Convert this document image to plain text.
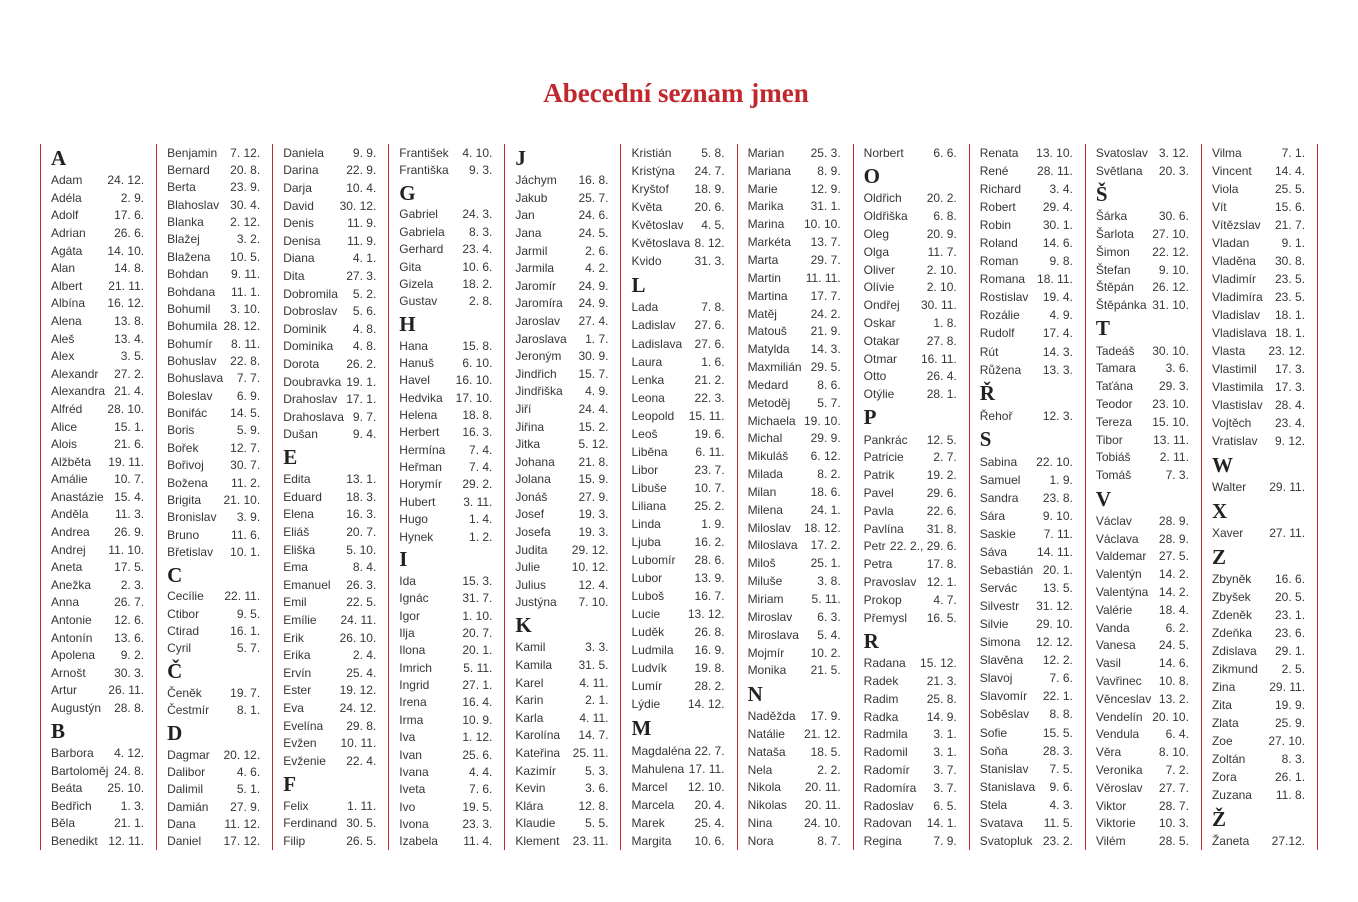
Abecední seznam jmen
A
Adam 24. 12.
Adéla	2. 9.
Adolf	17. 6.
Adrian 26. 6.
Agáta 14. 10.
Alan	14. 8.
Albert 21. 11.
Albína 16. 12.
Alena	13. 8.
Aleš	13. 4.
Alex	3. 5.
Alexandr 27. 2.
Alexandra 21. 4.
Alfréd 28. 10.
Alice	15. 1.
Alois	21. 6.
Alžběta 19. 11.
Amálie 10. 7.
Anastázie 15. 4.
Anděla 11. 3.
Andrea 26. 9.
Andrej 11. 10.
Aneta	17. 5.
Anežka 2. 3.
Anna	26. 7.
Antonie 12. 6.
Antonín 13. 6.
Apolena 9. 2.
Arnošt 30. 3.
Artur	26. 11.
Augustýn 28. 8.
B
Barbora 4. 12.
Bartoloměj 24. 8.
Beáta 25. 10.
Bedřich 1. 3.
Běla	21. 1.
Benedikt 12. 11.
Benjamin 7. 12.
Bernard 20. 8.
Berta	23. 9.
Blahoslav 30. 4.
Blanka 2. 12.
Blažej	3. 2.
Blažena 10. 5.
Bohdan 9. 11.
Bohdana 11. 1.
Bohumil 3. 10.
Bohumila 28. 12.
Bohumír 8. 11.
Bohuslav 22. 8.
Bohuslava 7. 7.
Boleslav 6. 9.
Bonifác 14. 5.
Boris	5. 9.
Bořek	12. 7.
Bořivoj 30. 7.
Božena 11. 2.
Brigita 21. 10.
Bronislav 3. 9.
Bruno	11. 6.
Břetislav 10. 1.
C
Cecílie 22. 11.
Ctibor	9. 5.
Ctirad	16. 1.
Cyril	5. 7.
Č
Čeněk 19. 7.
Čestmír 8. 1.
D
Dagmar 20. 12.
Dalibor	4. 6.
Dalimil	5. 1.
Damián 27. 9.
Dana 11. 12.
Daniel 17. 12.
Daniela 9. 9.
Darina 22. 9.
Darja	10. 4.
David 30. 12.
Denis	11. 9.
Denisa 11. 9.
Diana	4. 1.
Dita	27. 3.
Dobromila 5. 2.
Dobroslav 5. 6.
Dominik 4. 8.
Dominika 4. 8.
Dorota 26. 2.
Doubravka 19. 1.
Drahoslav 17. 1.
Drahoslava 9. 7.
Dušan	9. 4.
E
Edita	13. 1.
Eduard 18. 3.
Elena	16. 3.
Eliáš	20. 7.
Eliška	5. 10.
Ema	8. 4.
Emanuel 26. 3.
Emil	22. 5.
Emílie 24. 11.
Erik	26. 10.
Erika	2. 4.
Ervín	25. 4.
Ester 19. 12.
Eva	24. 12.
Evelína 29. 8.
Evžen 10. 11.
Evženie 22. 4.
F
Felix	1. 11.
Ferdinand 30. 5.
Filip	26. 5.
František 4. 10.
Františka 9. 3.
G
Gabriel 24. 3.
Gabriela 8. 3.
Gerhard 23. 4.
Gita	10. 6.
Gizela 18. 2.
Gustav	2. 8.
H
Hana	15. 8.
Hanuš 6. 10.
Havel 16. 10.
Hedvika 17. 10.
Helena 18. 8.
Herbert 16. 3.
Hermína 7. 4.
Heřman 7. 4.
Horymír 29. 2.
Hubert 3. 11.
Hugo	1. 4.
Hynek	1. 2.
I
Ida	15. 3.
Ignác	31. 7.
Igor	1. 10.
Ilja	20. 7.
Ilona	20. 1.
Imrich	5. 11.
Ingrid	27. 1.
Irena	16. 4.
Irma	10. 9.
Iva	1. 12.
Ivan	25. 6.
Ivana	4. 4.
Iveta	7. 6.
Ivo	19. 5.
Ivona	23. 3.
Izabela 11. 4.
J
Jáchym 16. 8.
Jakub	25. 7.
Jan	24. 6.
Jana	24. 5.
Jarmil	2. 6.
Jarmila	4. 2.
Jaromír 24. 9.
Jaromíra 24. 9.
Jaroslav 27. 4.
Jaroslava 1. 7.
Jeroným 30. 9.
Jindřich 15. 7.
Jindřiška 4. 9.
Jiří	24. 4.
Jiřina	15. 2.
Jitka	5. 12.
Johana 21. 8.
Jolana 15. 9.
Jonáš	27. 9.
Josef	19. 3.
Josefa 19. 3.
Judita 29. 12.
Julie	10. 12.
Julius	12. 4.
Justýna 7. 10.
K
Kamil	3. 3.
Kamila 31. 5.
Karel	4. 11.
Karin	2. 1.
Karla	4. 11.
Karolína 14. 7.
Kateřina 25. 11.
Kazimír 5. 3.
Kevin	3. 6.
Klára	12. 8.
Klaudie 5. 5.
Klement 23. 11.
Kristián 5. 8.
Kristýna 24. 7.
Kryštof 18. 9.
Květa	20. 6.
Květoslav 4. 5.
Květoslava 8. 12.
Kvido	31. 3.
L
Lada	7. 8.
Ladislav 27. 6.
Ladislava 27. 6.
Laura	1. 6.
Lenka	21. 2.
Leona 22. 3.
Leopold 15. 11.
Leoš	19. 6.
Liběna 6. 11.
Libor	23. 7.
Libuše 10. 7.
Liliana 25. 2.
Linda	1. 9.
Ljuba	16. 2.
Lubomír 28. 6.
Lubor	13. 9.
Luboš	16. 7.
Lucie 13. 12.
Luděk	26. 8.
Ludmila 16. 9.
Ludvík 19. 8.
Lumír	28. 2.
Lýdie 14. 12.
M
Magdaléna 22. 7.
Mahulena 17. 11.
Marcel 12. 10.
Marcela 20. 4.
Marek 25. 4.
Margita 10. 6.
Marian 25. 3.
Mariana 8. 9.
Marie	12. 9.
Marika 31. 1.
Marina 10. 10.
Markéta 13. 7.
Marta	29. 7.
Martin 11. 11.
Martina 17. 7.
Matěj	24. 2.
Matouš 21. 9.
Matylda 14. 3.
Maxmilián 29. 5.
Medard 8. 6.
Metoděj 5. 7.
Michaela 19. 10.
Michal 29. 9.
Mikuláš 6. 12.
Milada	8. 2.
Milan	18. 6.
Milena 24. 1.
Miloslav 18. 12.
Miloslava 17. 2.
Miloš	25. 1.
Miluše	3. 8.
Miriam 5. 11.
Miroslav 6. 3.
Miroslava 5. 4.
Mojmír 10. 2.
Monika 21. 5.
N
Naděžda 17. 9.
Natálie 21. 12.
Nataša 18. 5.
Nela	2. 2.
Nikola 20. 11.
Nikolas 20. 11.
Nina	24. 10.
Nora	8. 7.
Norbert 6. 6.
O
Oldřich 20. 2.
Oldřiška 6. 8.
Oleg	20. 9.
Olga	11. 7.
Oliver	2. 10.
Olívie	2. 10.
Ondřej 30. 11.
Oskar	1. 8.
Otakar 27. 8.
Otmar 16. 11.
Otto	26. 4.
Otýlie	28. 1.
P
Pankrác 12. 5.
Patricie 2. 7.
Patrik	19. 2.
Pavel	29. 6.
Pavla	22. 6.
Pavlína 31. 8.
Petr 22. 2., 29. 6.
Petra	17. 8.
Pravoslav 12. 1.
Prokop	4. 7.
Přemysl 16. 5.
R
Radana 15. 12.
Radek 21. 3.
Radim 25. 8.
Radka 14. 9.
Radmila 3. 1.
Radomil 3. 1.
Radomír 3. 7.
Radomíra 3. 7.
Radoslav 6. 5.
Radovan 14. 1.
Regina	7. 9.
Renata 13. 10.
René 28. 11.
Richard 3. 4.
Robert 29. 4.
Robin	30. 1.
Roland 14. 6.
Roman	9. 8.
Romana 18. 11.
Rostislav 19. 4.
Rozálie 4. 9.
Rudolf 17. 4.
Rút	14. 3.
Růžena 13. 3.
Ř
Řehoř	12. 3.
S
Sabina 22. 10.
Samuel 1. 9.
Sandra 23. 8.
Sára	9. 10.
Saskie 7. 11.
Sáva 14. 11.
Sebastián 20. 1.
Servác 13. 5.
Silvestr 31. 12.
Silvie 29. 10.
Simona 12. 12.
Slavěna 12. 2.
Slavoj	7. 6.
Slavomír 22. 1.
Soběslav 8. 8.
Sofie	15. 5.
Soňa	28. 3.
Stanislav 7. 5.
Stanislava 9. 6.
Stela	4. 3.
Svatava 11. 5.
Svatopluk 23. 2.
Svatoslav 3. 12.
Světlana 20. 3.
Š
Šárka	30. 6.
Šarlota 27. 10.
Šimon 22. 12.
Štefan 9. 10.
Štěpán 26. 12.
Štěpánka 31. 10.
T
Tadeáš 30. 10.
Tamara 3. 6.
Taťána 29. 3.
Teodor 23. 10.
Tereza 15. 10.
Tibor	13. 11.
Tobiáš 2. 11.
Tomáš	7. 3.
V
Václav 28. 9.
Václava 28. 9.
Valdemar 27. 5.
Valentýn 14. 2.
Valentýna 14. 2.
Valérie 18. 4.
Vanda	6. 2.
Vanesa 24. 5.
Vasil	14. 6.
Vavřinec 10. 8.
Věnceslav 13. 2.
Vendelín 20. 10.
Vendula 6. 4.
Věra	8. 10.
Veronika 7. 2.
Věroslav 27. 7.
Viktor	28. 7.
Viktorie 10. 3.
Vilém	28. 5.
Vilma	7. 1.
Vincent 14. 4.
Viola	25. 5.
Vít	15. 6.
Vítězslav 21. 7.
Vladan	9. 1.
Vladěna 30. 8.
Vladimír 23. 5.
Vladimíra 23. 5.
Vladislav 18. 1.
Vladislava 18. 1.
Vlasta 23. 12.
Vlastimil 17. 3.
Vlastimila 17. 3.
Vlastislav 28. 4.
Vojtěch 23. 4.
Vratislav 9. 12.
W
Walter 29. 11.
X
Xaver 27. 11.
Z
Zbyněk 16. 6.
Zbyšek 20. 5.
Zdeněk 23. 1.
Zdeňka 23. 6.
Zdislava 29. 1.
Zikmund 2. 5.
Zina	29. 11.
Zita	19. 9.
Zlata	25. 9.
Zoe	27. 10.
Zoltán	8. 3.
Zora	26. 1.
Zuzana 11. 8.
Ž
Žaneta 27.12.
